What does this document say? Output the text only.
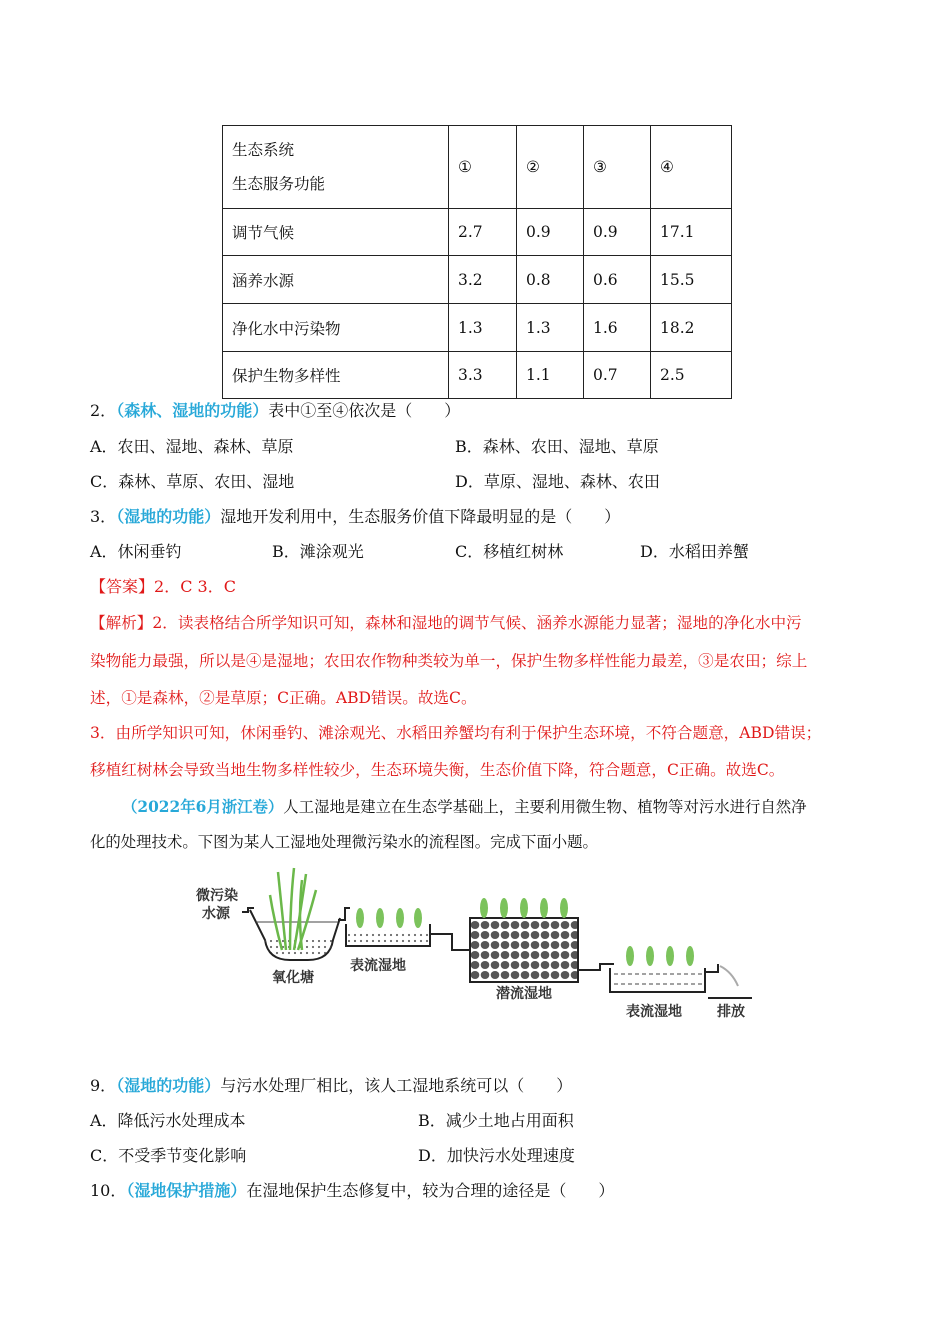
生态系统
生态服务功能	①	②	③	④
调节气候	2.7	0.9	0.9	17.1
涵养水源	3.2	0.8	0.6	15.5
净化水中污染物	1.3	1.3	1.6	18.2
保护生物多样性	3.3	1.1	0.7	2.5
2．（森林、湿地的功能）表中①至④依次是（　　）
A．农田、湿地、森林、草原	B．森林、农田、湿地、草原
C．森林、草原、农田、湿地	D．草原、湿地、森林、农田
3．（湿地的功能）湿地开发利用中，生态服务价值下降最明显的是（　　）
A．休闲垂钓	B．滩涂观光	C．移植红树林	D．水稻田养蟹
【答案】2．C 3．C
【解析】2．读表格结合所学知识可知，森林和湿地的调节气候、涵养水源能力显著；湿地的净化水中污
染物能力最强，所以是④是湿地；农田农作物种类较为单一，保护生物多样性能力最差，③是农田；综上
述，①是森林，②是草原；C正确。ABD错误。故选C。
3．由所学知识可知，休闲垂钓、滩涂观光、水稻田养蟹均有利于保护生态环境，不符合题意，ABD错误；
移植红树林会导致当地生物多样性较少，生态环境失衡，生态价值下降，符合题意，C正确。故选C。
（2022年6月浙江卷）人工湿地是建立在生态学基础上，主要利用微生物、植物等对污水进行自然净
化的处理技术。下图为某人工湿地处理微污染水的流程图。完成下面小题。
微污染
水源
氧化塘
表流湿地
潜流湿地
表流湿地	排放
9．（湿地的功能）与污水处理厂相比，该人工湿地系统可以（　　）
A．降低污水处理成本	B．减少土地占用面积
C．不受季节变化影响	D．加快污水处理速度
10．（湿地保护措施）在湿地保护生态修复中，较为合理的途径是（　　）
